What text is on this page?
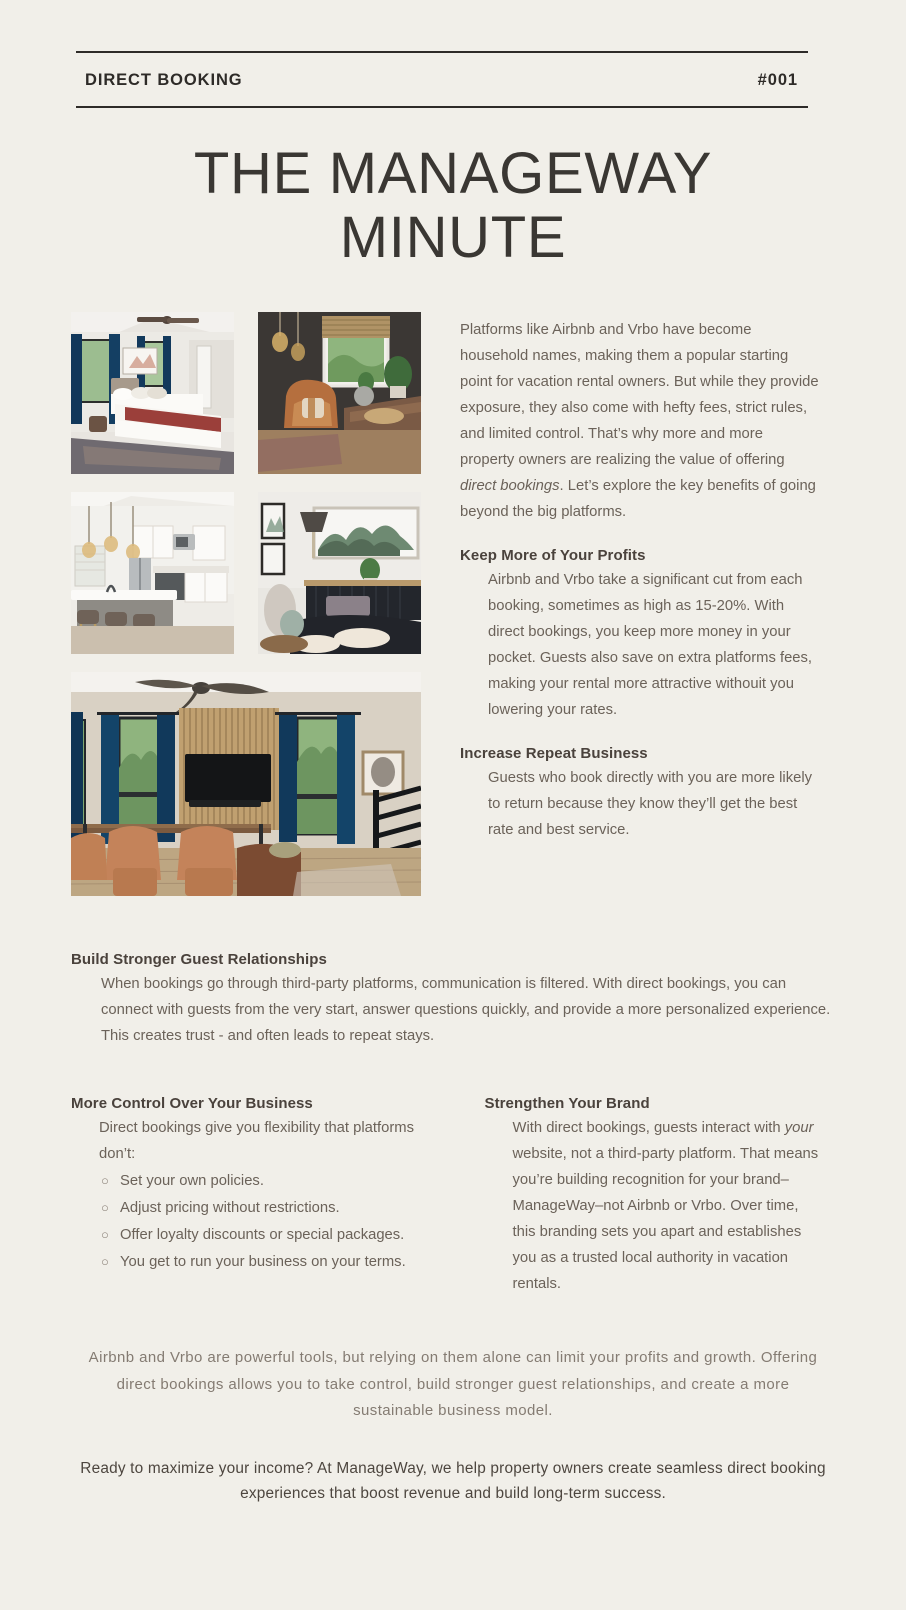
DIRECT BOOKING	#001
THE MANAGEWAY MINUTE

Platforms like Airbnb and Vrbo have become household names, making them a popular starting point for vacation rental owners. But while they provide exposure, they also come with hefty fees, strict rules, and limited control. That’s why more and more property owners are realizing the value of offering direct bookings. Let’s explore the key benefits of going beyond the big platforms.

Keep More of Your Profits

Airbnb and Vrbo take a significant cut from each booking, sometimes as high as 15-20%. With direct bookings, you keep more money in your pocket. Guests also save on extra platforms fees, making your rental more attractive withouit you lowering your rates.

Increase Repeat Business

Guests who book directly with you are more likely to return because they know they’ll get the best rate and best service.

Build Stronger Guest Relationships

When bookings go through third-party platforms, communication is filtered. With direct bookings, you can connect with guests from the very start, answer questions quickly, and provide a more personalized experience. This creates trust - and often leads to repeat stays.

More Control Over Your Business

Direct bookings give you flexibility that platforms don’t:

○ Set your own policies.
○ Adjust pricing without restrictions.
○ Offer loyalty discounts or special packages.
○ You get to run your business on your terms.
Strengthen Your Brand

With direct bookings, guests interact with your website, not a third-party platform. That means you’re building recognition for your brand–ManageWay–not Airbnb or Vrbo. Over time, this branding sets you apart and establishes you as a trusted local authority in vacation rentals.

Airbnb and Vrbo are powerful tools, but relying on them alone can limit your profits and growth. Offering direct bookings allows you to take control, build stronger guest relationships, and create a more sustainable business model.

Ready to maximize your income? At ManageWay, we help property owners create seamless direct booking experiences that boost revenue and build long-term success.
